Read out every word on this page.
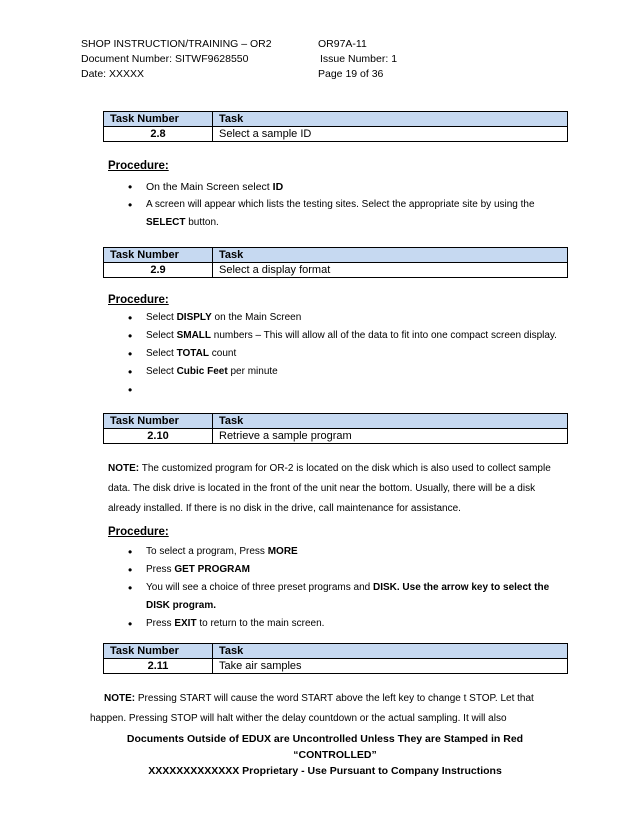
SHOP INSTRUCTION/TRAINING – OR2
Document Number: SITWF9628550
Date: XXXXX
OR97A-11
Issue Number: 1
Page 19 of 36
Task Number	Task
2.8	Select a sample ID
Procedure:
• On the Main Screen select ID
• A screen will appear which lists the testing sites. Select the appropriate site by using the SELECT button.
Task Number	Task
2.9	Select a display format
Procedure:
• Select DISPLY on the Main Screen
• Select SMALL numbers – This will allow all of the data to fit into one compact screen display.
• Select TOTAL count
• Select Cubic Feet per minute
Task Number	Task
2.10	Retrieve a sample program
NOTE: The customized program for OR-2 is located on the disk which is also used to collect sample data. The disk drive is located in the front of the unit near the bottom. Usually, there will be a disk already installed. If there is no disk in the drive, call maintenance for assistance.
Procedure:
• To select a program, Press MORE
• Press GET PROGRAM
• You will see a choice of three preset programs and DISK. Use the arrow key to select the DISK program.
• Press EXIT to return to the main screen.
Task Number	Task
2.11	Take air samples
NOTE: Pressing START will cause the word START above the left key to change t STOP. Let that happen. Pressing STOP will halt wither the delay countdown or the actual sampling. It will also
Documents Outside of EDUX are Uncontrolled Unless They are Stamped in Red
“CONTROLLED”
XXXXXXXXXXXXX Proprietary - Use Pursuant to Company Instructions
